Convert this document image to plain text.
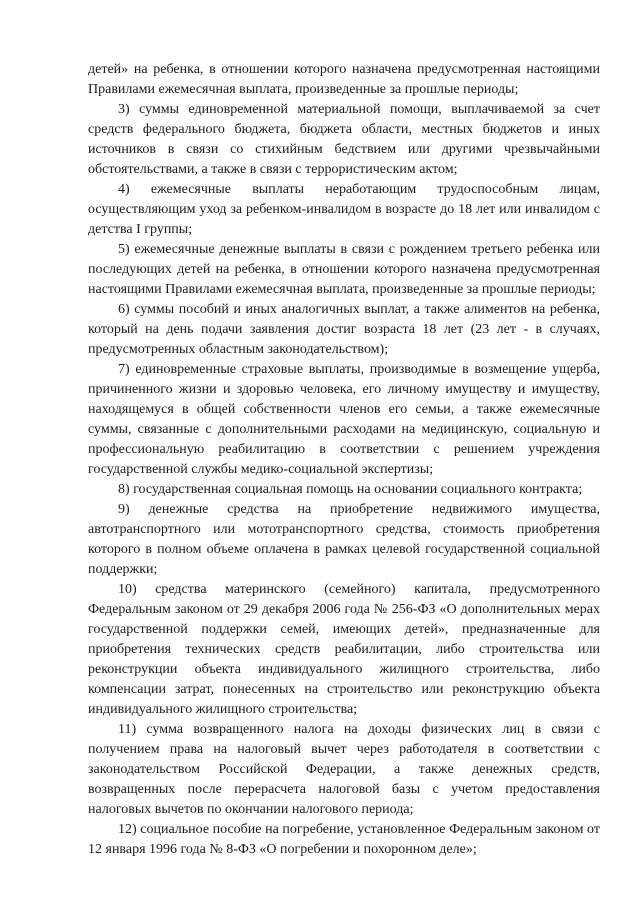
детей» на ребенка, в отношении которого назначена предусмотренная настоящими Правилами ежемесячная выплата, произведенные за прошлые периоды;

3) суммы единовременной материальной помощи, выплачиваемой за счет средств федерального бюджета, бюджета области, местных бюджетов и иных источников в связи со стихийным бедствием или другими чрезвычайными обстоятельствами, а также в связи с террористическим актом;

4) ежемесячные выплаты неработающим трудоспособным лицам, осуществляющим уход за ребенком-инвалидом в возрасте до 18 лет или инвалидом с детства I группы;

5) ежемесячные денежные выплаты в связи с рождением третьего ребенка или последующих детей на ребенка, в отношении которого назначена предусмотренная настоящими Правилами ежемесячная выплата, произведенные за прошлые периоды;

6) суммы пособий и иных аналогичных выплат, а также алиментов на ребенка, который на день подачи заявления достиг возраста 18 лет (23 лет - в случаях, предусмотренных областным законодательством);

7) единовременные страховые выплаты, производимые в возмещение ущерба, причиненного жизни и здоровью человека, его личному имуществу и имуществу, находящемуся в общей собственности членов его семьи, а также ежемесячные суммы, связанные с дополнительными расходами на медицинскую, социальную и профессиональную реабилитацию в соответствии с решением учреждения государственной службы медико-социальной экспертизы;

8) государственная социальная помощь на основании социального контракта;

9) денежные средства на приобретение недвижимого имущества, автотранспортного или мототранспортного средства, стоимость приобретения которого в полном объеме оплачена в рамках целевой государственной социальной поддержки;

10) средства материнского (семейного) капитала, предусмотренного Федеральным законом от 29 декабря 2006 года № 256-ФЗ «О дополнительных мерах государственной поддержки семей, имеющих детей», предназначенные для приобретения технических средств реабилитации, либо строительства или реконструкции объекта индивидуального жилищного строительства, либо компенсации затрат, понесенных на строительство или реконструкцию объекта индивидуального жилищного строительства;

11) сумма возвращенного налога на доходы физических лиц в связи с получением права на налоговый вычет через работодателя в соответствии с законодательством Российской Федерации, а также денежных средств, возвращенных после перерасчета налоговой базы с учетом предоставления налоговых вычетов по окончании налогового периода;

12) социальное пособие на погребение, установленное Федеральным законом от 12 января 1996 года № 8-ФЗ «О погребении и похоронном деле»;
